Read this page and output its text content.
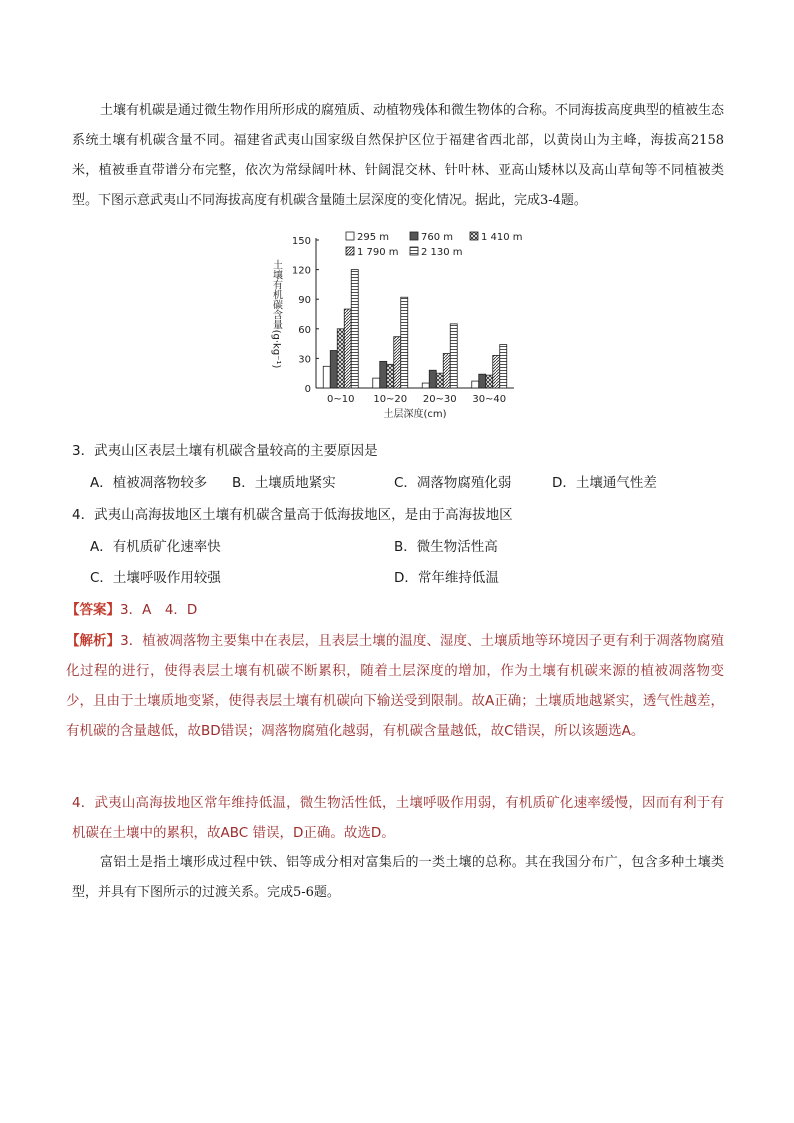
土壤有机碳是通过微生物作用所形成的腐殖质、动植物残体和微生物体的合称。不同海拔高度典型的植被生态系统土壤有机碳含量不同。福建省武夷山国家级自然保护区位于福建省西北部，以黄岗山为主峰，海拔高2158米，植被垂直带谱分布完整，依次为常绿阔叶林、针阔混交林、针叶林、亚高山矮林以及高山草甸等不同植被类型。下图示意武夷山不同海拔高度有机碳含量随土层深度的变化情况。据此，完成3-4题。
0
30
60
90
120
150
土壤有机碳含量(g·kg⁻¹)
0~10 10~20 20~30 30~40
土层深度(cm)
295 m	760 m	1 410 m
1 790 m 2 130 m
3．武夷山区表层土壤有机碳含量较高的主要原因是
A．植被凋落物较多 B．土壤质地紧实	C．凋落物腐殖化弱	D．土壤通气性差
4．武夷山高海拔地区土壤有机碳含量高于低海拔地区，是由于高海拔地区
A．有机质矿化速率快	B．微生物活性高
C．土壤呼吸作用较强	D．常年维持低温
【答案】3．A　4．D
【解析】3．植被凋落物主要集中在表层，且表层土壤的温度、湿度、土壤质地等环境因子更有利于凋落物腐殖化过程的进行，使得表层土壤有机碳不断累积，随着土层深度的增加，作为土壤有机碳来源的植被凋落物变少，且由于土壤质地变紧，使得表层土壤有机碳向下输送受到限制。故A正确；土壤质地越紧实，透气性越差，有机碳的含量越低，故BD错误；凋落物腐殖化越弱，有机碳含量越低，故C错误，所以该题选A。
4．武夷山高海拔地区常年维持低温，微生物活性低，土壤呼吸作用弱，有机质矿化速率缓慢，因而有利于有机碳在土壤中的累积，故ABC 错误，D正确。故选D。
富铝土是指土壤形成过程中铁、铝等成分相对富集后的一类土壤的总称。其在我国分布广，包含多种土壤类型，并具有下图所示的过渡关系。完成5-6题。
